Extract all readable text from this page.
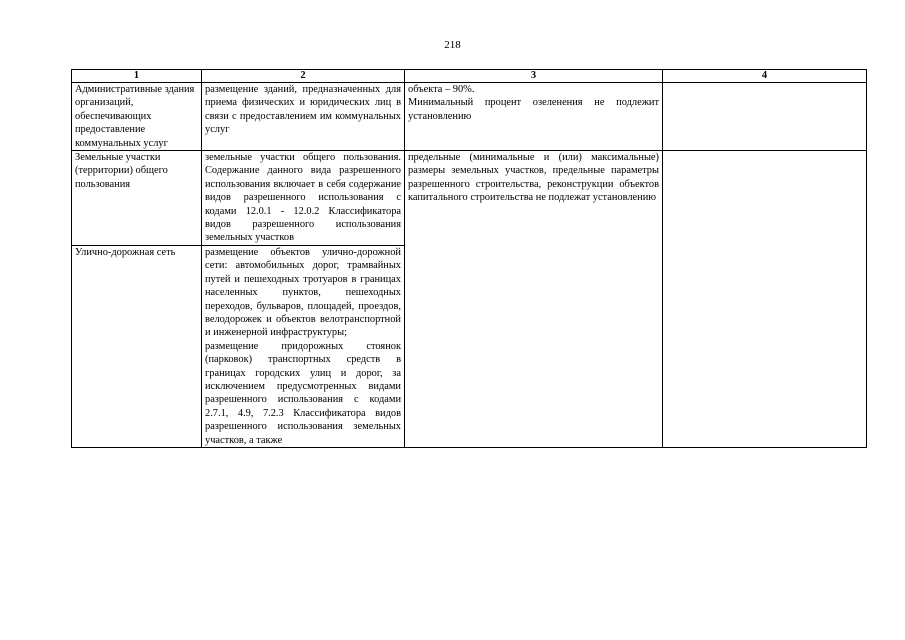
218
1	2	3	4

Административные здания организаций, обеспечивающих предоставление коммунальных услуг	размещение зданий, предназначенных для приема физических и юридических лиц в связи с предоставлением им коммунальных услуг	объекта – 90%.
Минимальный процент озеленения не подлежит установлению	

Земельные участки (территории) общего пользования	земельные участки общего пользования. Содержание данного вида разрешенного использования включает в себя содержание видов разрешенного использования с кодами 12.0.1 - 12.0.2 Классификатора видов разрешенного использования земельных участков	предельные (минимальные и (или) максимальные) размеры земельных участков, предельные параметры разрешенного строительства, реконструкции объектов капитального строительства не подлежат установлению	

Улично-дорожная сеть	размещение объектов улично-дорожной сети: автомобильных дорог, трамвайных путей и пешеходных тротуаров в границах населенных пунктов, пешеходных переходов, бульваров, площадей, проездов, велодорожек и объектов велотранспортной и инженерной инфраструктуры;
размещение придорожных стоянок (парковок) транспортных средств в границах городских улиц и дорог, за исключением предусмотренных видами разрешенного использования с кодами 2.7.1, 4.9, 7.2.3 Классификатора видов разрешенного использования земельных участков, а также		
